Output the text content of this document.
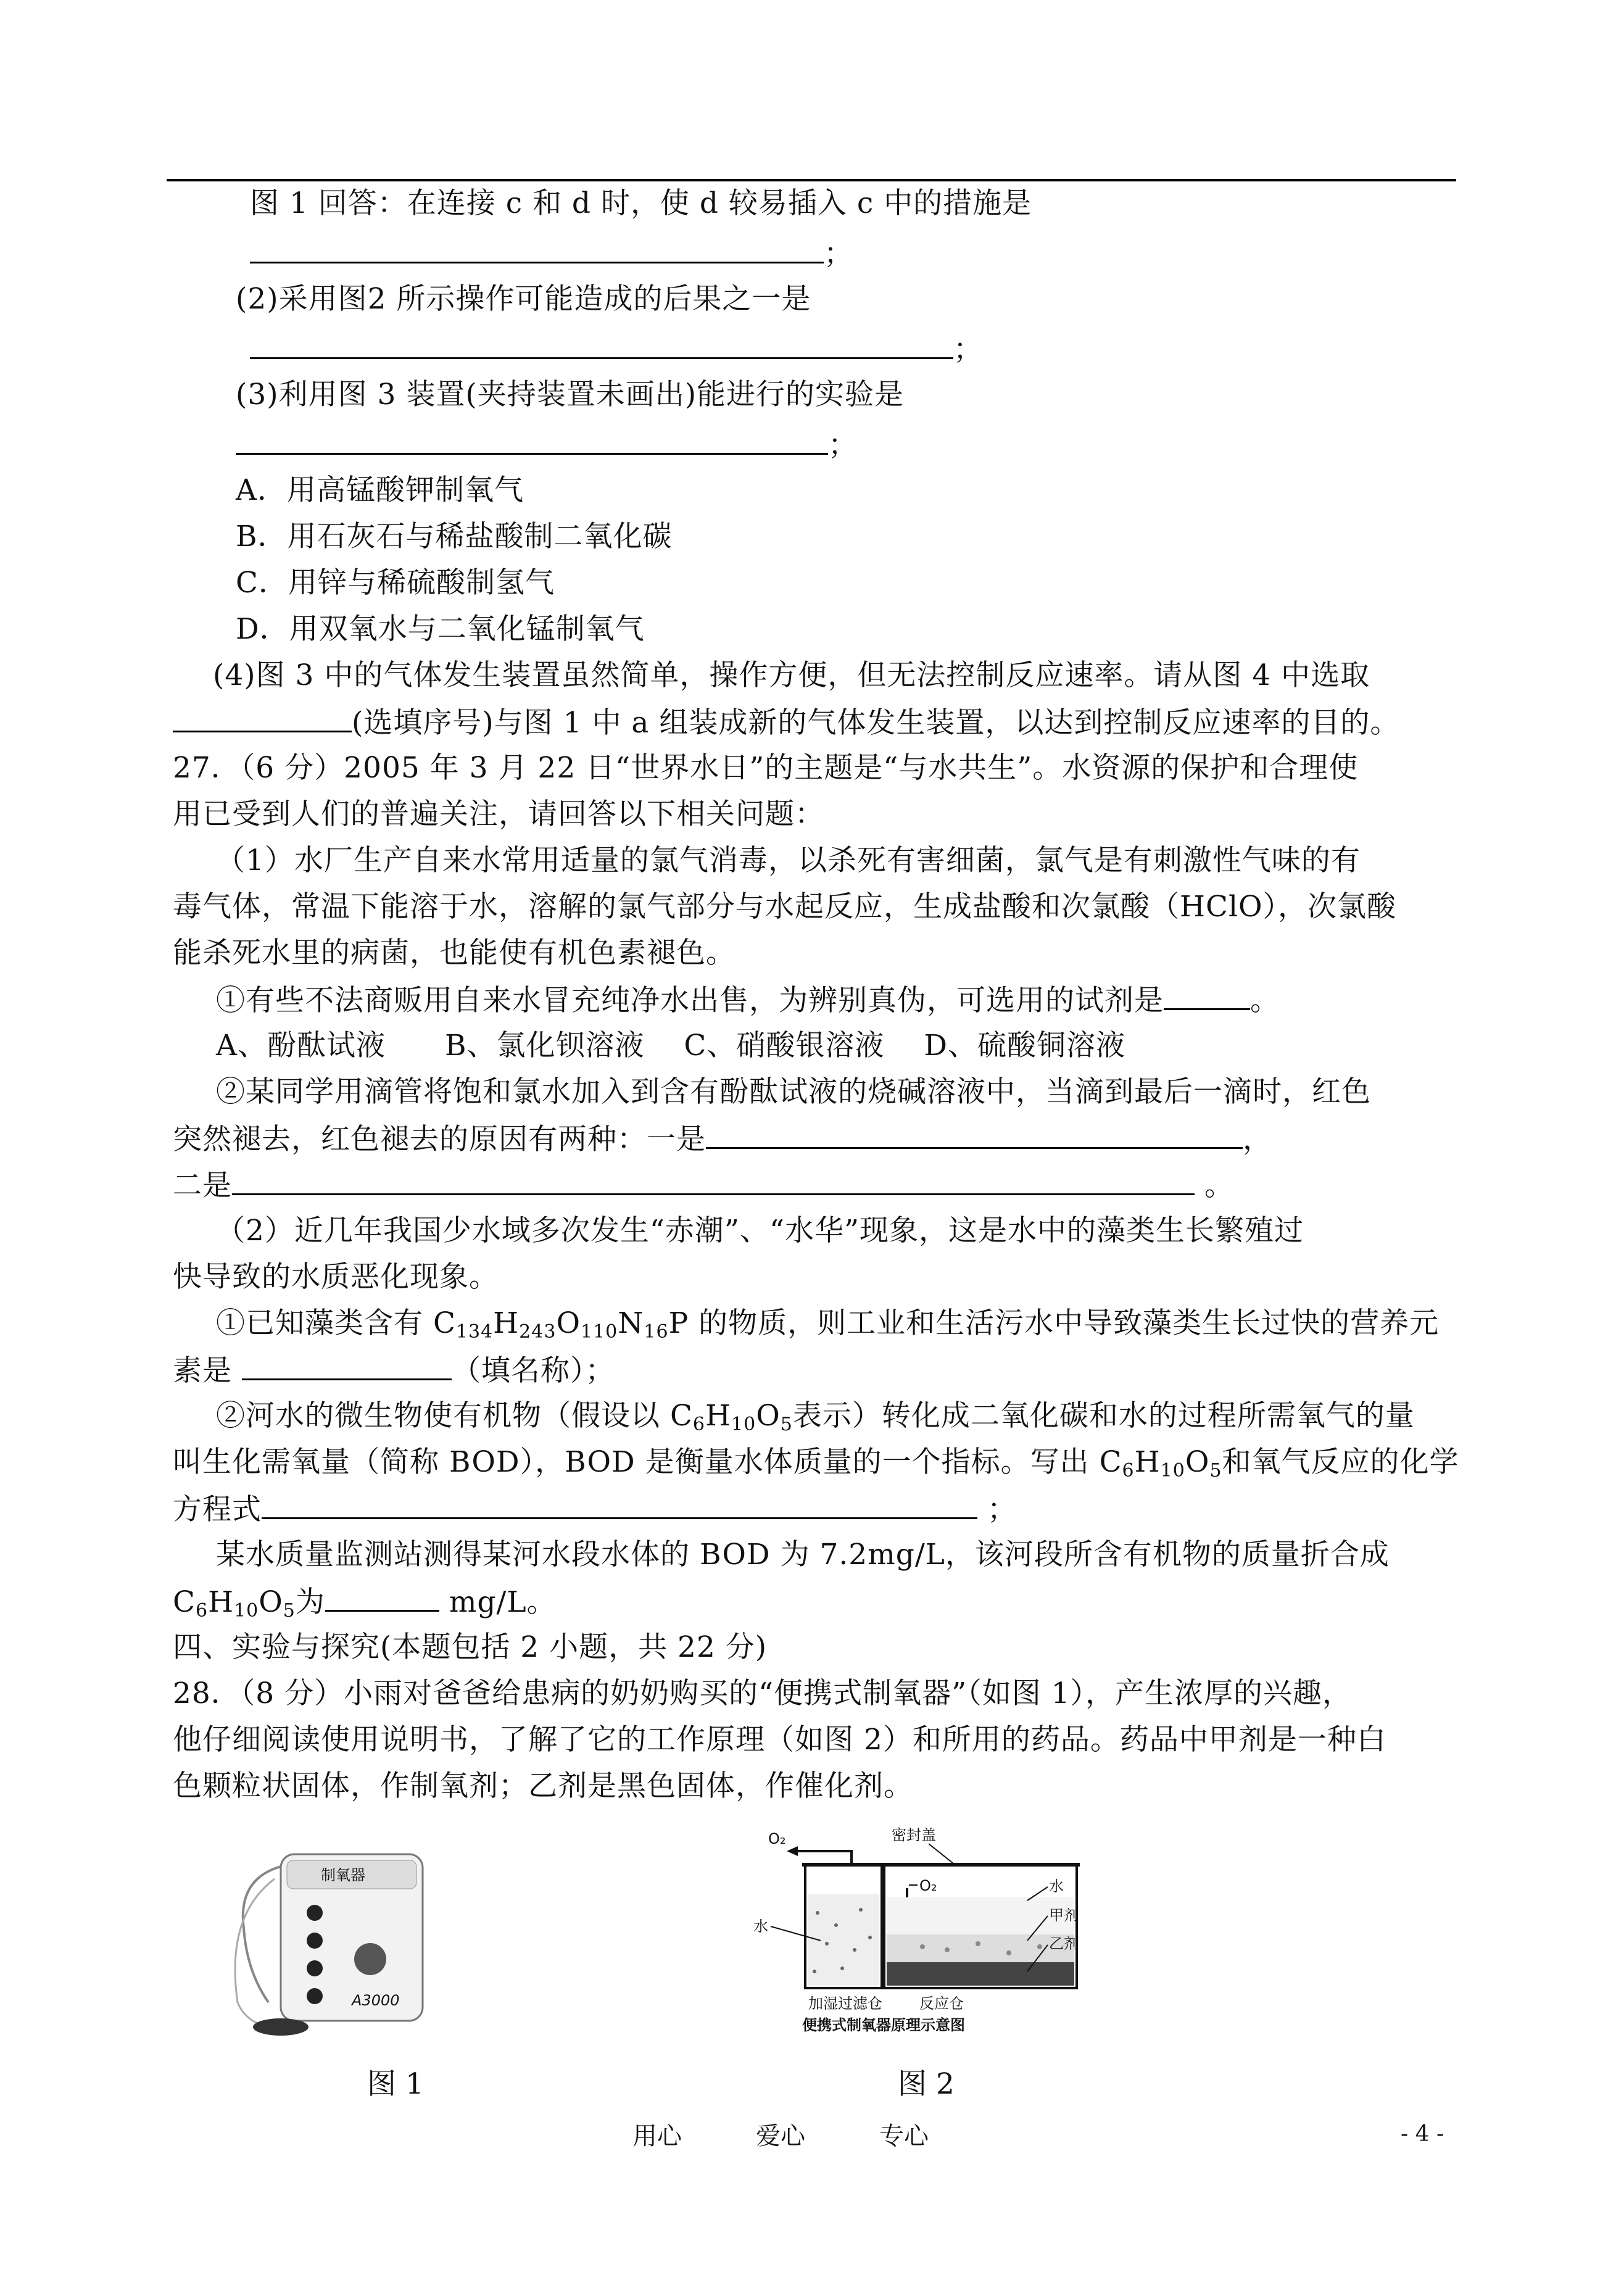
图 1 回答：在连接 c 和 d 时，使 d 较易插入 c 中的措施是
；
(2)采用图2 所示操作可能造成的后果之一是
；
(3)利用图 3 装置(夹持装置未画出)能进行的实验是
；
A．用高锰酸钾制氧气
B．用石灰石与稀盐酸制二氧化碳
C．用锌与稀硫酸制氢气
D．用双氧水与二氧化锰制氧气
(4)图 3 中的气体发生装置虽然简单，操作方便，但无法控制反应速率。请从图 4 中选取
(选填序号)与图 1 中 a 组装成新的气体发生装置，以达到控制反应速率的目的。
27．（6 分）2005 年 3 月 22 日“世界水日”的主题是“与水共生”。水资源的保护和合理使
用已受到人们的普遍关注，请回答以下相关问题：
（1）水厂生产自来水常用适量的氯气消毒，以杀死有害细菌，氯气是有刺激性气味的有
毒气体，常温下能溶于水，溶解的氯气部分与水起反应，生成盐酸和次氯酸（HClO），次氯酸
能杀死水里的病菌，也能使有机色素褪色。
①有些不法商贩用自来水冒充纯净水出售，为辨别真伪，可选用的试剂是	。
A、酚酞试液　　B、氯化钡溶液　 C、硝酸银溶液　 D、硫酸铜溶液
②某同学用滴管将饱和氯水加入到含有酚酞试液的烧碱溶液中，当滴到最后一滴时，红色
突然褪去，红色褪去的原因有两种：一是	，
二是	。
（2）近几年我国少水域多次发生“赤潮”、“水华”现象，这是水中的藻类生长繁殖过
快导致的水质恶化现象。
①已知藻类含有 $C_{134}H_{243}O_{110}N_{16}P$ 的物质，则工业和生活污水中导致藻类生长过快的营养元
素是	（填名称）；
②河水的微生物使有机物（假设以 $C_6H_{10}O_5$表示）转化成二氧化碳和水的过程所需氧气的量
叫生化需氧量（简称 BOD），BOD 是衡量水体质量的一个指标。写出 $C_6H_{10}O_5$和氧气反应的化学
方程式	；
某水质量监测站测得某河水段水体的 BOD 为 7.2mg/L，该河段所含有机物的质量折合成
$C_6H_{10}O_5$为	mg/L。
四、实验与探究(本题包括 2 小题，共 22 分)
28．（8 分）小雨对爸爸给患病的奶奶购买的“便携式制氧器”（如图 1），产生浓厚的兴趣，
他仔细阅读使用说明书，了解了它的工作原理（如图 2）和所用的药品。药品中甲剂是一种白
色颗粒状固体，作制氧剂；乙剂是黑色固体，作催化剂。
制氧器
A3000
图 1
O₂	密封盖
O₂
水
水
甲剂
乙剂
加湿过滤仓	反应仓
便携式制氧器原理示意图
图 2
用心　　　爱心　　　专心	- 4 -
